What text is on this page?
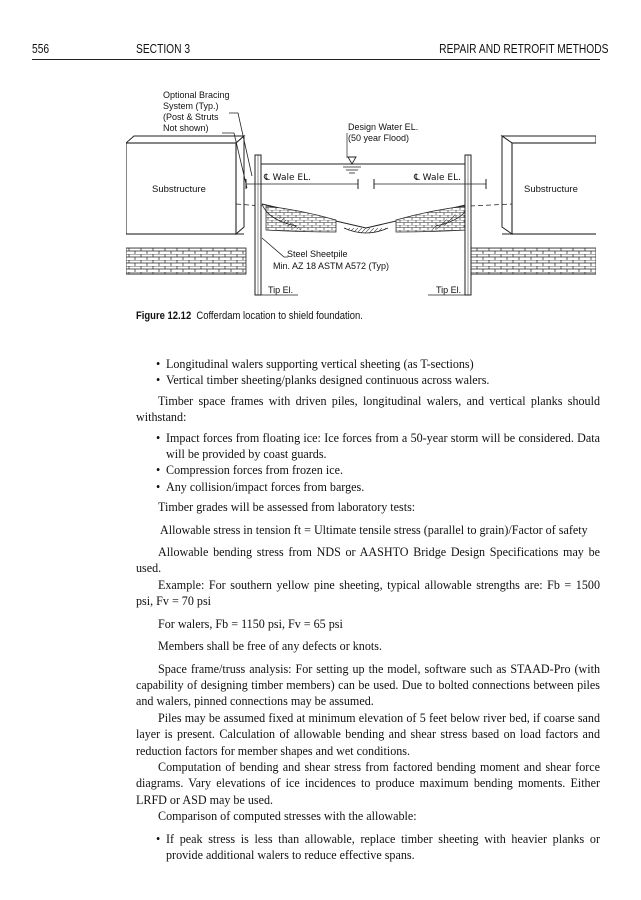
556	SECTION 3	REPAIR AND RETROFIT METHODS
Substructure	Substructure
℄ Wale EL.	℄ Wale EL.
Optional Bracing System (Typ.) (Post & Struts Not shown)	Design Water EL. (50 year Flood)
Steel Sheetpile Min. AZ 18 ASTM A572 (Typ)
Tip El.	Tip El.
Figure 12.12 Cofferdam location to shield foundation.
• Longitudinal walers supporting vertical sheeting (as T-sections)
• Vertical timber sheeting/planks designed continuous across walers.

Timber space frames with driven piles, longitudinal walers, and vertical planks should withstand:

• Impact forces from floating ice: Ice forces from a 50-year storm will be considered. Data will be provided by coast guards.
• Compression forces from frozen ice.
• Any collision/impact forces from barges.

Timber grades will be assessed from laboratory tests:

Allowable stress in tension ft = Ultimate tensile stress (parallel to grain)/Factor of safety

Allowable bending stress from NDS or AASHTO Bridge Design Specifications may be used.

Example: For southern yellow pine sheeting, typical allowable strengths are: Fb = 1500 psi, Fv = 70 psi

For walers, Fb = 1150 psi, Fv = 65 psi

Members shall be free of any defects or knots.

Space frame/truss analysis: For setting up the model, software such as STAAD-Pro (with capability of designing timber members) can be used. Due to bolted connections between piles and walers, pinned connections may be assumed.

Piles may be assumed fixed at minimum elevation of 5 feet below river bed, if coarse sand layer is present. Calculation of allowable bending and shear stress based on load factors and reduction factors for member shapes and wet conditions.

Computation of bending and shear stress from factored bending moment and shear force diagrams. Vary elevations of ice incidences to produce maximum bending moments. Either LRFD or ASD may be used.

Comparison of computed stresses with the allowable:

• If peak stress is less than allowable, replace timber sheeting with heavier planks or provide additional walers to reduce effective spans.
